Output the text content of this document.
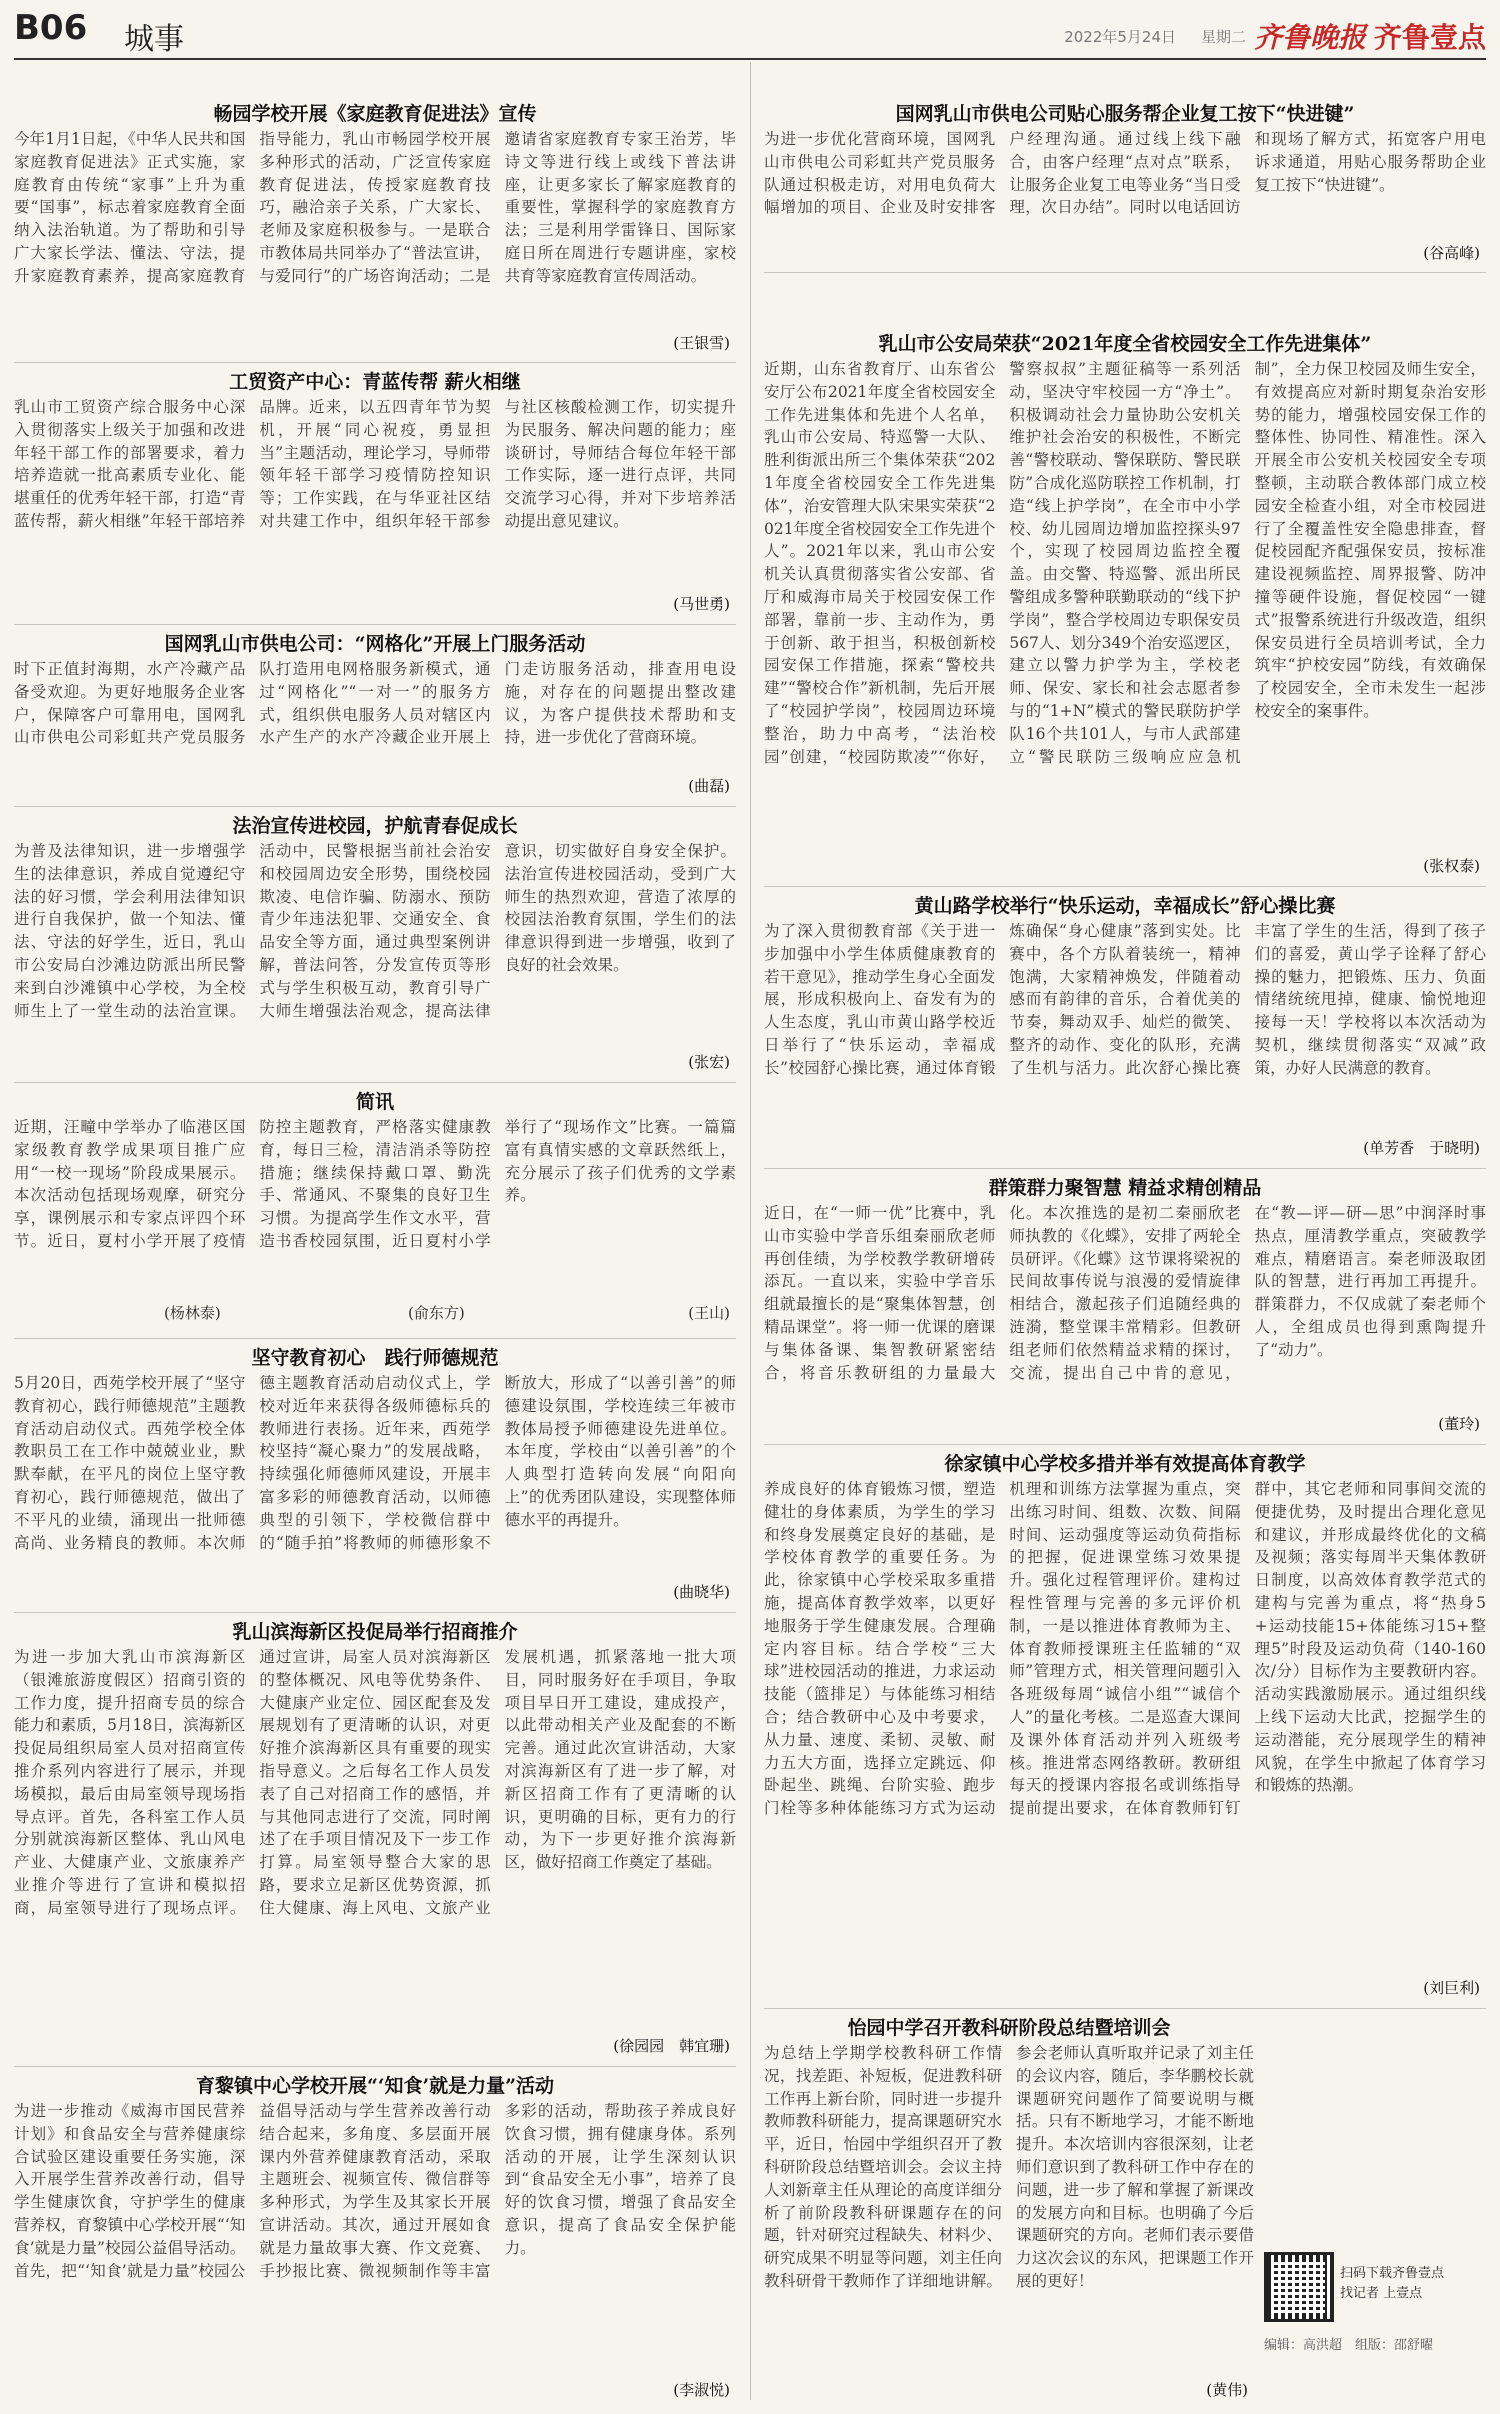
B06 城事	2022年5月24日 星期二 齐鲁晚报 齐鲁壹点
畅园学校开展《家庭教育促进法》宣传
今年1月1日起，《中华人民共和国家庭教育促进法》正式实施，家庭教育由传统“家事”上升为重要“国事”，标志着家庭教育全面纳入法治轨道。为了帮助和引导广大家长学法、懂法、守法，提升家庭教育素养，提高家庭教育指导能力，乳山市畅园学校开展多种形式的活动，广泛宣传家庭教育促进法，传授家庭教育技巧，融洽亲子关系，广大家长、老师及家庭积极参与。一是联合市教体局共同举办了“普法宣讲，与爱同行”的广场咨询活动；二是邀请省家庭教育专家王治芳，毕诗文等进行线上或线下普法讲座，让更多家长了解家庭教育的重要性，掌握科学的家庭教育方法；三是利用学雷锋日、国际家庭日所在周进行专题讲座，家校共育等家庭教育宣传周活动。
(王银雪)
工贸资产中心：青蓝传帮 薪火相继
乳山市工贸资产综合服务中心深入贯彻落实上级关于加强和改进年轻干部工作的部署要求，着力培养造就一批高素质专业化、能堪重任的优秀年轻干部，打造“青蓝传帮，薪火相继”年轻干部培养品牌。近来，以五四青年节为契机，开展“同心祝疫，勇显担当”主题活动，理论学习，导师带领年轻干部学习疫情防控知识等；工作实践，在与华亚社区结对共建工作中，组织年轻干部参与社区核酸检测工作，切实提升为民服务、解决问题的能力；座谈研讨，导师结合每位年轻干部工作实际，逐一进行点评，共同交流学习心得，并对下步培养活动提出意见建议。
(马世勇)
国网乳山市供电公司：“网格化”开展上门服务活动
时下正值封海期，水产冷藏产品备受欢迎。为更好地服务企业客户，保障客户可靠用电，国网乳山市供电公司彩虹共产党员服务队打造用电网格服务新模式，通过“网格化”“一对一”的服务方式，组织供电服务人员对辖区内水产生产的水产冷藏企业开展上门走访服务活动，排查用电设施，对存在的问题提出整改建议，为客户提供技术帮助和支持，进一步优化了营商环境。
(曲磊)
法治宣传进校园，护航青春促成长
为普及法律知识，进一步增强学生的法律意识，养成自觉遵纪守法的好习惯，学会利用法律知识进行自我保护，做一个知法、懂法、守法的好学生，近日，乳山市公安局白沙滩边防派出所民警来到白沙滩镇中心学校，为全校师生上了一堂生动的法治宣课。活动中，民警根据当前社会治安和校园周边安全形势，围绕校园欺凌、电信诈骗、防溺水、预防青少年违法犯罪、交通安全、食品安全等方面，通过典型案例讲解，普法问答，分发宣传页等形式与学生积极互动，教育引导广大师生增强法治观念，提高法律意识，切实做好自身安全保护。法治宣传进校园活动，受到广大师生的热烈欢迎，营造了浓厚的校园法治教育氛围，学生们的法律意识得到进一步增强，收到了良好的社会效果。
(张宏)
简讯
近期，汪疃中学举办了临港区国家级教育教学成果项目推广应用“一校一现场”阶段成果展示。本次活动包括现场观摩，研究分享，课例展示和专家点评四个环节。近日，夏村小学开展了疫情防控主题教育，严格落实健康教育，每日三检，清洁消杀等防控措施；继续保持戴口罩、勤洗手、常通风、不聚集的良好卫生习惯。为提高学生作文水平，营造书香校园氛围，近日夏村小学举行了“现场作文”比赛。一篇篇富有真情实感的文章跃然纸上，充分展示了孩子们优秀的文学素养。
(杨林泰)	(俞东方)	(王山)
坚守教育初心　践行师德规范
5月20日，西苑学校开展了“坚守教育初心，践行师德规范”主题教育活动启动仪式。西苑学校全体教职员工在工作中兢兢业业，默默奉献，在平凡的岗位上坚守教育初心，践行师德规范，做出了不平凡的业绩，涌现出一批师德高尚、业务精良的教师。本次师德主题教育活动启动仪式上，学校对近年来获得各级师德标兵的教师进行表扬。近年来，西苑学校坚持“凝心聚力”的发展战略，持续强化师德师风建设，开展丰富多彩的师德教育活动，以师德典型的引领下，学校微信群中的“随手拍”将教师的师德形象不断放大，形成了“以善引善”的师德建设氛围，学校连续三年被市教体局授予师德建设先进单位。本年度，学校由“以善引善”的个人典型打造转向发展“向阳向上”的优秀团队建设，实现整体师德水平的再提升。
(曲晓华)
乳山滨海新区投促局举行招商推介
为进一步加大乳山市滨海新区（银滩旅游度假区）招商引资的工作力度，提升招商专员的综合能力和素质，5月18日，滨海新区投促局组织局室人员对招商宣传推介系列内容进行了展示，并现场模拟，最后由局室领导现场指导点评。首先，各科室工作人员分别就滨海新区整体、乳山风电产业、大健康产业、文旅康养产业推介等进行了宣讲和模拟招商，局室领导进行了现场点评。通过宣讲，局室人员对滨海新区的整体概况、风电等优势条件、大健康产业定位、园区配套及发展规划有了更清晰的认识，对更好推介滨海新区具有重要的现实指导意义。之后每名工作人员发表了自己对招商工作的感悟，并与其他同志进行了交流，同时阐述了在手项目情况及下一步工作打算。局室领导整合大家的思路，要求立足新区优势资源，抓住大健康、海上风电、文旅产业发展机遇，抓紧落地一批大项目，同时服务好在手项目，争取项目早日开工建设，建成投产，以此带动相关产业及配套的不断完善。通过此次宣讲活动，大家对滨海新区有了进一步了解，对新区招商工作有了更清晰的认识，更明确的目标，更有力的行动，为下一步更好推介滨海新区，做好招商工作奠定了基础。
(徐园园　韩宜珊)
育黎镇中心学校开展“‘知食’就是力量”活动
为进一步推动《威海市国民营养计划》和食品安全与营养健康综合试验区建设重要任务实施，深入开展学生营养改善行动，倡导学生健康饮食，守护学生的健康营养权，育黎镇中心学校开展“‘知食’就是力量”校园公益倡导活动。首先，把“‘知食’就是力量”校园公益倡导活动与学生营养改善行动结合起来，多角度、多层面开展课内外营养健康教育活动，采取主题班会、视频宣传、微信群等多种形式，为学生及其家长开展宣讲活动。其次，通过开展如食就是力量故事大赛、作文竞赛、手抄报比赛、微视频制作等丰富多彩的活动，帮助孩子养成良好饮食习惯，拥有健康身体。系列活动的开展，让学生深刻认识到“食品安全无小事”，培养了良好的饮食习惯，增强了食品安全意识，提高了食品安全保护能力。
(李淑悦)
国网乳山市供电公司贴心服务帮企业复工按下“快进键”
为进一步优化营商环境，国网乳山市供电公司彩虹共产党员服务队通过积极走访，对用电负荷大幅增加的项目、企业及时安排客户经理沟通。通过线上线下融合，由客户经理“点对点”联系，让服务企业复工电等业务“当日受理，次日办结”。同时以电话回访和现场了解方式，拓宽客户用电诉求通道，用贴心服务帮助企业复工按下“快进键”。
(谷高峰)
乳山市公安局荣获“2021年度全省校园安全工作先进集体”
近期，山东省教育厅、山东省公安厅公布2021年度全省校园安全工作先进集体和先进个人名单，乳山市公安局、特巡警一大队、胜利街派出所三个集体荣获“2021年度全省校园安全工作先进集体”，治安管理大队宋果实荣获“2021年度全省校园安全工作先进个人”。2021年以来，乳山市公安机关认真贯彻落实省公安部、省厅和威海市局关于校园安保工作部署，靠前一步、主动作为，勇于创新、敢于担当，积极创新校园安保工作措施，探索“警校共建”“警校合作”新机制，先后开展了“校园护学岗”，校园周边环境整治，助力中高考，“法治校园”创建，“校园防欺凌”“你好，警察叔叔”主题征稿等一系列活动，坚决守牢校园一方“净土”。积极调动社会力量协助公安机关维护社会治安的积极性，不断完善“警校联动、警保联防、警民联防”合成化巡防联控工作机制，打造“线上护学岗”，在全市中小学校、幼儿园周边增加监控探头97个，实现了校园周边监控全覆盖。由交警、特巡警、派出所民警组成多警种联勤联动的“线下护学岗”，整合学校周边专职保安员567人、划分349个治安巡逻区，建立以警力护学为主，学校老师、保安、家长和社会志愿者参与的“1+N”模式的警民联防护学队16个共101人，与市人武部建立“警民联防三级响应应急机制”，全力保卫校园及师生安全，有效提高应对新时期复杂治安形势的能力，增强校园安保工作的整体性、协同性、精准性。深入开展全市公安机关校园安全专项整顿，主动联合教体部门成立校园安全检查小组，对全市校园进行了全覆盖性安全隐患排查，督促校园配齐配强保安员，按标准建设视频监控、周界报警、防冲撞等硬件设施，督促校园“一键式”报警系统进行升级改造，组织保安员进行全员培训考试，全力筑牢“护校安园”防线，有效确保了校园安全，全市未发生一起涉校安全的案事件。
(张权泰)
黄山路学校举行“快乐运动，幸福成长”舒心操比赛
为了深入贯彻教育部《关于进一步加强中小学生体质健康教育的若干意见》，推动学生身心全面发展，形成积极向上、奋发有为的人生态度，乳山市黄山路学校近日举行了“快乐运动，幸福成长”校园舒心操比赛，通过体育锻炼确保“身心健康”落到实处。比赛中，各个方队着装统一，精神饱满，大家精神焕发，伴随着动感而有韵律的音乐，合着优美的节奏，舞动双手、灿烂的微笑、整齐的动作、变化的队形，充满了生机与活力。此次舒心操比赛丰富了学生的生活，得到了孩子们的喜爱，黄山学子诠释了舒心操的魅力，把锻炼、压力、负面情绪统统甩掉，健康、愉悦地迎接每一天！学校将以本次活动为契机，继续贯彻落实“双减”政策，办好人民满意的教育。
(单芳香　于晓明)
群策群力聚智慧 精益求精创精品
近日，在“一师一优”比赛中，乳山市实验中学音乐组秦丽欣老师再创佳绩，为学校教学教研增砖添瓦。一直以来，实验中学音乐组就最擅长的是“聚集体智慧，创精品课堂”。将一师一优课的磨课与集体备课、集智教研紧密结合，将音乐教研组的力量最大化。本次推选的是初二秦丽欣老师执教的《化蝶》，安排了两轮全员研评。《化蝶》这节课将梁祝的民间故事传说与浪漫的爱情旋律相结合，激起孩子们追随经典的涟漪，整堂课丰常精彩。但教研组老师们依然精益求精的探讨，交流，提出自己中肯的意见，在“教—评—研—思”中润泽时事热点，厘清教学重点，突破教学难点，精磨语言。秦老师汲取团队的智慧，进行再加工再提升。群策群力，不仅成就了秦老师个人，全组成员也得到熏陶提升了“动力”。
(董玲)
徐家镇中心学校多措并举有效提高体育教学
养成良好的体育锻炼习惯，塑造健壮的身体素质，为学生的学习和终身发展奠定良好的基础，是学校体育教学的重要任务。为此，徐家镇中心学校采取多重措施，提高体育教学效率，以更好地服务于学生健康发展。合理确定内容目标。结合学校“三大球”进校园活动的推进，力求运动技能（篮排足）与体能练习相结合；结合教研中心及中考要求，从力量、速度、柔韧、灵敏、耐力五大方面，选择立定跳远、仰卧起坐、跳绳、台阶实验、跑步门栓等多种体能练习方式为运动机理和训练方法掌握为重点，突出练习时间、组数、次数、间隔时间、运动强度等运动负荷指标的把握，促进课堂练习效果提升。强化过程管理评价。建构过程性管理与完善的多元评价机制，一是以推进体育教师为主、体育教师授课班主任监辅的“双师”管理方式，相关管理问题引入各班级每周“诚信小组”“诚信个人”的量化考核。二是巡查大课间及课外体育活动并列入班级考核。推进常态网络教研。教研组每天的授课内容报名或训练指导提前提出要求，在体育教师钉钉群中，其它老师和同事间交流的便捷优势，及时提出合理化意见和建议，并形成最终优化的文稿及视频；落实每周半天集体教研日制度，以高效体育教学范式的建构与完善为重点，将“热身5+运动技能15+体能练习15+整理5”时段及运动负荷（140-160次/分）目标作为主要教研内容。活动实践激励展示。通过组织线上线下运动大比武，挖掘学生的运动潜能，充分展现学生的精神风貌，在学生中掀起了体育学习和锻炼的热潮。
(刘巨利)
怡园中学召开教科研阶段总结暨培训会
为总结上学期学校教科研工作情况，找差距、补短板，促进教科研工作再上新台阶，同时进一步提升教师教科研能力，提高课题研究水平，近日，怡园中学组织召开了教科研阶段总结暨培训会。会议主持人刘新章主任从理论的高度详细分析了前阶段教科研课题存在的问题，针对研究过程缺失、材料少、研究成果不明显等问题，刘主任向教科研骨干教师作了详细地讲解。参会老师认真听取并记录了刘主任的会议内容，随后，李华鹏校长就课题研究问题作了简要说明与概括。只有不断地学习，才能不断地提升。本次培训内容很深刻，让老师们意识到了教科研工作中存在的问题，进一步了解和掌握了新课改的发展方向和目标。也明确了今后课题研究的方向。老师们表示要借力这次会议的东风，把课题工作开展的更好！
(黄伟)
扫码下载齐鲁壹点
找记者 上壹点
编辑：高洪超　组版：邵舒曜
